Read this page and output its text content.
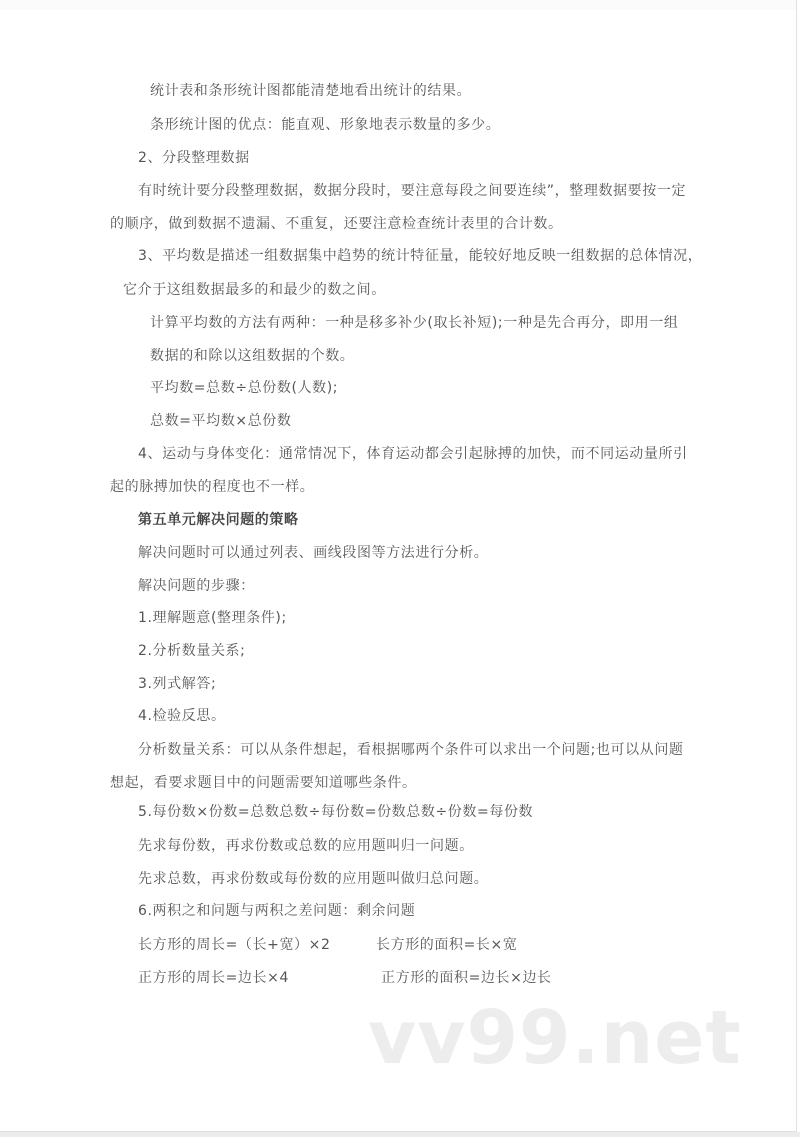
统计表和条形统计图都能清楚地看出统计的结果。
条形统计图的优点：能直观、形象地表示数量的多少。
2、分段整理数据
有时统计要分段整理数据，数据分段时，要注意每段之间要连续”，整理数据要按一定
的顺序，做到数据不遗漏、不重复，还要注意检查统计表里的合计数。
3、平均数是描述一组数据集中趋势的统计特征量，能较好地反映一组数据的总体情况，
它介于这组数据最多的和最少的数之间。
计算平均数的方法有两种：一种是移多补少(取长补短);一种是先合再分，即用一组
数据的和除以这组数据的个数。
平均数=总数÷总份数(人数);
总数=平均数×总份数
4、运动与身体变化：通常情况下，体育运动都会引起脉搏的加快，而不同运动量所引
起的脉搏加快的程度也不一样。
第五单元解决问题的策略
解决问题时可以通过列表、画线段图等方法进行分析。
解决问题的步骤：
1.理解题意(整理条件);
2.分析数量关系;
3.列式解答;
4.检验反思。
分析数量关系：可以从条件想起，看根据哪两个条件可以求出一个问题;也可以从问题
想起，看要求题目中的问题需要知道哪些条件。
5.每份数×份数=总数总数÷每份数=份数总数÷份数=每份数
先求每份数，再求份数或总数的应用题叫归一问题。
先求总数，再求份数或每份数的应用题叫做归总问题。
6.两积之和问题与两积之差问题：剩余问题
长方形的周长=（长+宽）×2	长方形的面积=长×宽
正方形的周长=边长×4	正方形的面积=边长×边长
vv99.net
